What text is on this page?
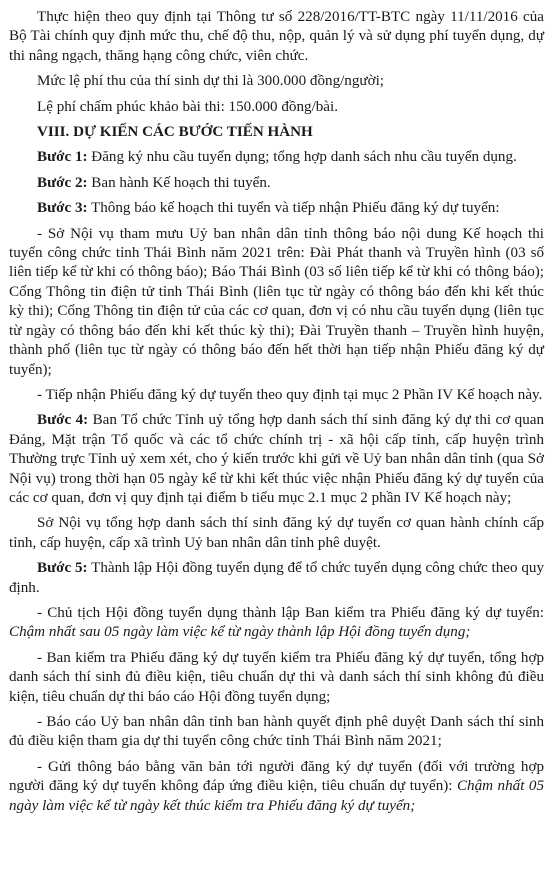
Thực hiện theo quy định tại Thông tư số 228/2016/TT-BTC ngày 11/11/2016 của Bộ Tài chính quy định mức thu, chế độ thu, nộp, quản lý và sử dụng phí tuyển dụng, dự thi nâng ngạch, thăng hạng công chức, viên chức.

Mức lệ phí thu của thí sinh dự thi là 300.000 đồng/người;

Lệ phí chấm phúc khảo bài thi: 150.000 đồng/bài.

VIII. DỰ KIẾN CÁC BƯỚC TIẾN HÀNH

Bước 1: Đăng ký nhu cầu tuyển dụng; tổng hợp danh sách nhu cầu tuyển dụng.

Bước 2: Ban hành Kế hoạch thi tuyển.

Bước 3: Thông báo kế hoạch thi tuyển và tiếp nhận Phiếu đăng ký dự tuyển:

- Sở Nội vụ tham mưu Uỷ ban nhân dân tỉnh thông báo nội dung Kế hoạch thi tuyển công chức tỉnh Thái Bình năm 2021 trên: Đài Phát thanh và Truyền hình (03 số liên tiếp kể từ khi có thông báo); Báo Thái Bình (03 số liên tiếp kể từ khi có thông báo); Cổng Thông tin điện tử tỉnh Thái Bình (liên tục từ ngày có thông báo đến khi kết thúc kỳ thi); Cổng Thông tin điện tử của các cơ quan, đơn vị có nhu cầu tuyển dụng (liên tục từ ngày có thông báo đến khi kết thúc kỳ thi); Đài Truyền thanh – Truyền hình huyện, thành phố (liên tục từ ngày có thông báo đến hết thời hạn tiếp nhận Phiếu đăng ký dự tuyển);

- Tiếp nhận Phiếu đăng ký dự tuyển theo quy định tại mục 2 Phần IV Kế hoạch này.

Bước 4: Ban Tổ chức Tỉnh uỷ tổng hợp danh sách thí sinh đăng ký dự thi cơ quan Đảng, Mặt trận Tổ quốc và các tổ chức chính trị - xã hội cấp tỉnh, cấp huyện trình Thường trực Tỉnh uỷ xem xét, cho ý kiến trước khi gửi về Uỷ ban nhân dân tỉnh (qua Sở Nội vụ) trong thời hạn 05 ngày kể từ khi kết thúc việc nhận Phiếu đăng ký dự tuyển của các cơ quan, đơn vị quy định tại điểm b tiểu mục 2.1 mục 2 phần IV Kế hoạch này;

Sở Nội vụ tổng hợp danh sách thí sinh đăng ký dự tuyển cơ quan hành chính cấp tỉnh, cấp huyện, cấp xã trình Uỷ ban nhân dân tỉnh phê duyệt.

Bước 5: Thành lập Hội đồng tuyển dụng để tổ chức tuyển dụng công chức theo quy định.

- Chủ tịch Hội đồng tuyển dụng thành lập Ban kiểm tra Phiếu đăng ký dự tuyển: Chậm nhất sau 05 ngày làm việc kể từ ngày thành lập Hội đồng tuyển dụng;

- Ban kiểm tra Phiếu đăng ký dự tuyển kiểm tra Phiếu đăng ký dự tuyển, tổng hợp danh sách thí sinh đủ điều kiện, tiêu chuẩn dự thi và danh sách thí sinh không đủ điều kiện, tiêu chuẩn dự thi báo cáo Hội đồng tuyển dụng;

- Báo cáo Uỷ ban nhân dân tỉnh ban hành quyết định phê duyệt Danh sách thí sinh đủ điều kiện tham gia dự thi tuyển công chức tỉnh Thái Bình năm 2021;

- Gửi thông báo bằng văn bản tới người đăng ký dự tuyển (đối với trường hợp người đăng ký dự tuyển không đáp ứng điều kiện, tiêu chuẩn dự tuyển): Chậm nhất 05 ngày làm việc kể từ ngày kết thúc kiểm tra Phiếu đăng ký dự tuyển;
